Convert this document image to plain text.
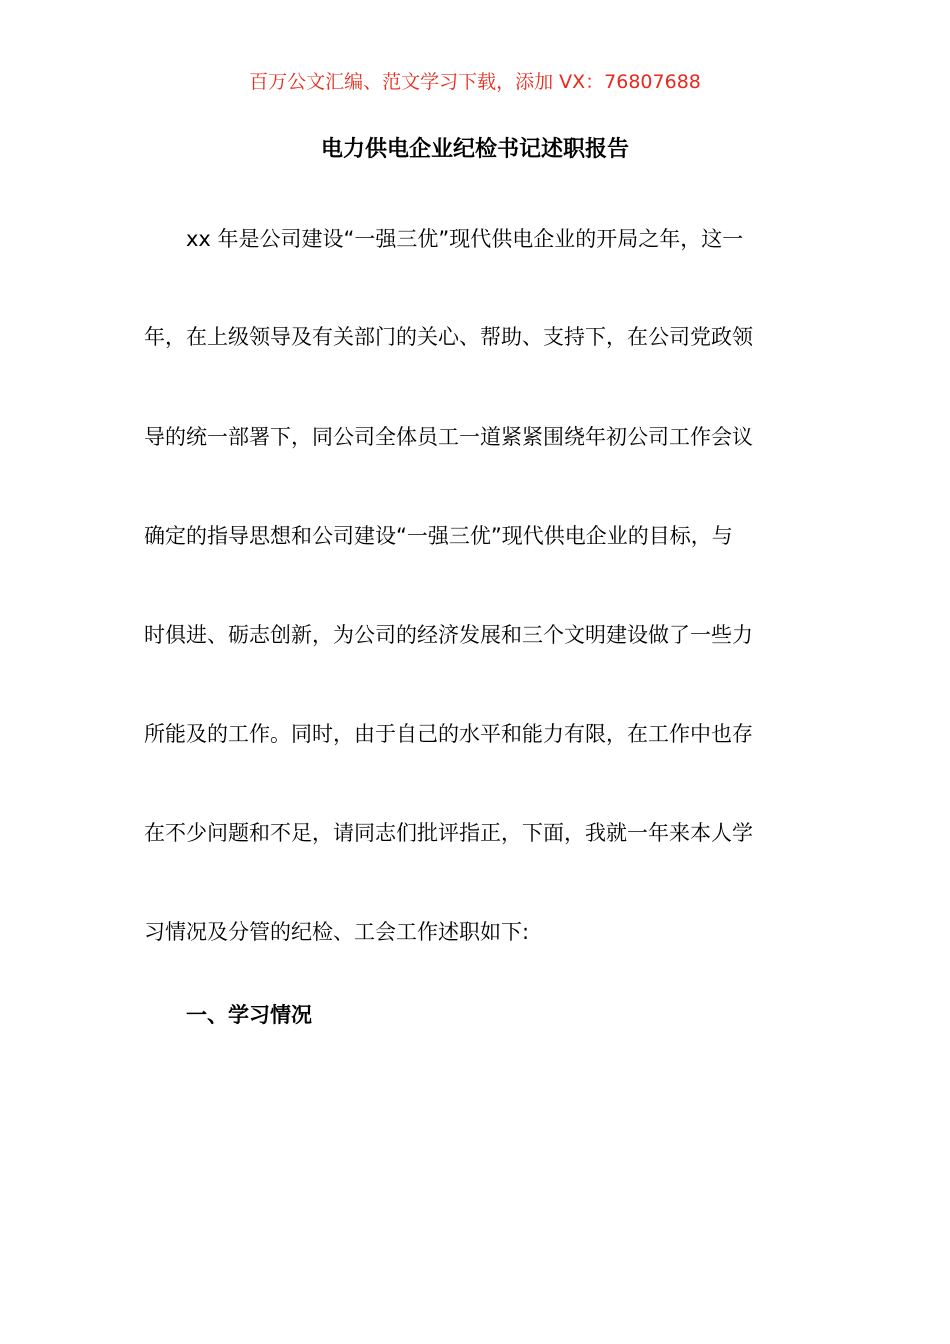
百万公文汇编、范文学习下载，添加 VX：76807688
电力供电企业纪检书记述职报告
xx 年是公司建设“一强三优”现代供电企业的开局之年，这一
年，在上级领导及有关部门的关心、帮助、支持下，在公司党政领
导的统一部署下，同公司全体员工一道紧紧围绕年初公司工作会议
确定的指导思想和公司建设“一强三优”现代供电企业的目标，与
时俱进、砺志创新，为公司的经济发展和三个文明建设做了一些力
所能及的工作。同时，由于自己的水平和能力有限，在工作中也存
在不少问题和不足，请同志们批评指正，下面，我就一年来本人学
习情况及分管的纪检、工会工作述职如下:
一、学习情况
